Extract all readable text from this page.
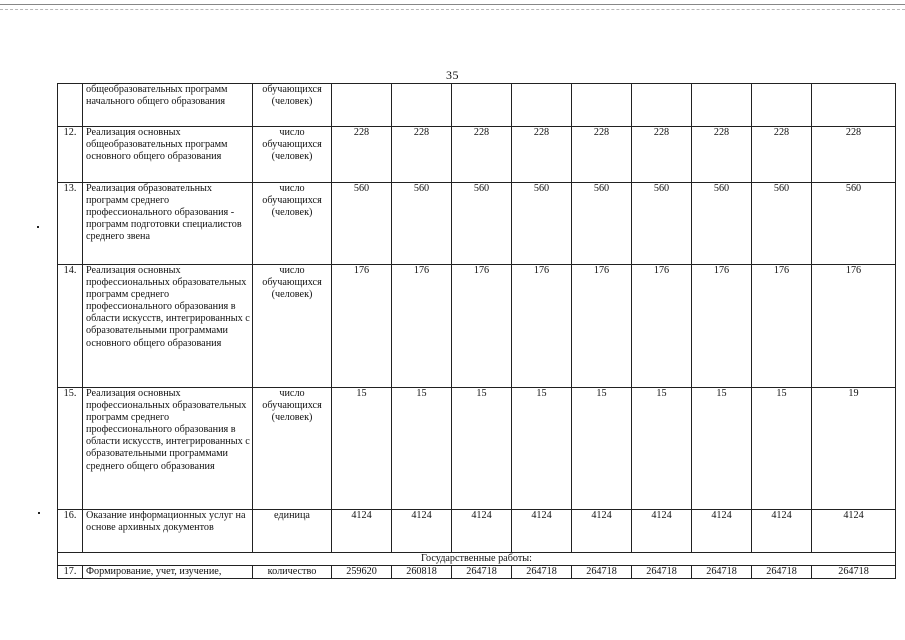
35
	общеобразовательных программ начального общего образования	обучающихся (человек)									
12.	Реализация основных общеобразовательных программ основного общего образования	число обучающихся (человек)	228	228	228	228	228	228	228	228	228
13.	Реализация образовательных программ среднего профессионального образования - программ подготовки специалистов среднего звена	число обучающихся (человек)	560	560	560	560	560	560	560	560	560
14.	Реализация основных профессиональных образовательных программ среднего профессионального образования в области искусств, интегрированных с образовательными программами основного общего образования	число обучающихся (человек)	176	176	176	176	176	176	176	176	176
15.	Реализация основных профессиональных образовательных программ среднего профессионального образования в области искусств, интегрированных с образовательными программами среднего общего образования	число обучающихся (человек)	15	15	15	15	15	15	15	15	19
16.	Оказание информационных услуг на основе архивных документов	единица	4124	4124	4124	4124	4124	4124	4124	4124	4124
Государственные работы:											
17.	Формирование, учет, изучение,	количество	259620	260818	264718	264718	264718	264718	264718	264718	264718
